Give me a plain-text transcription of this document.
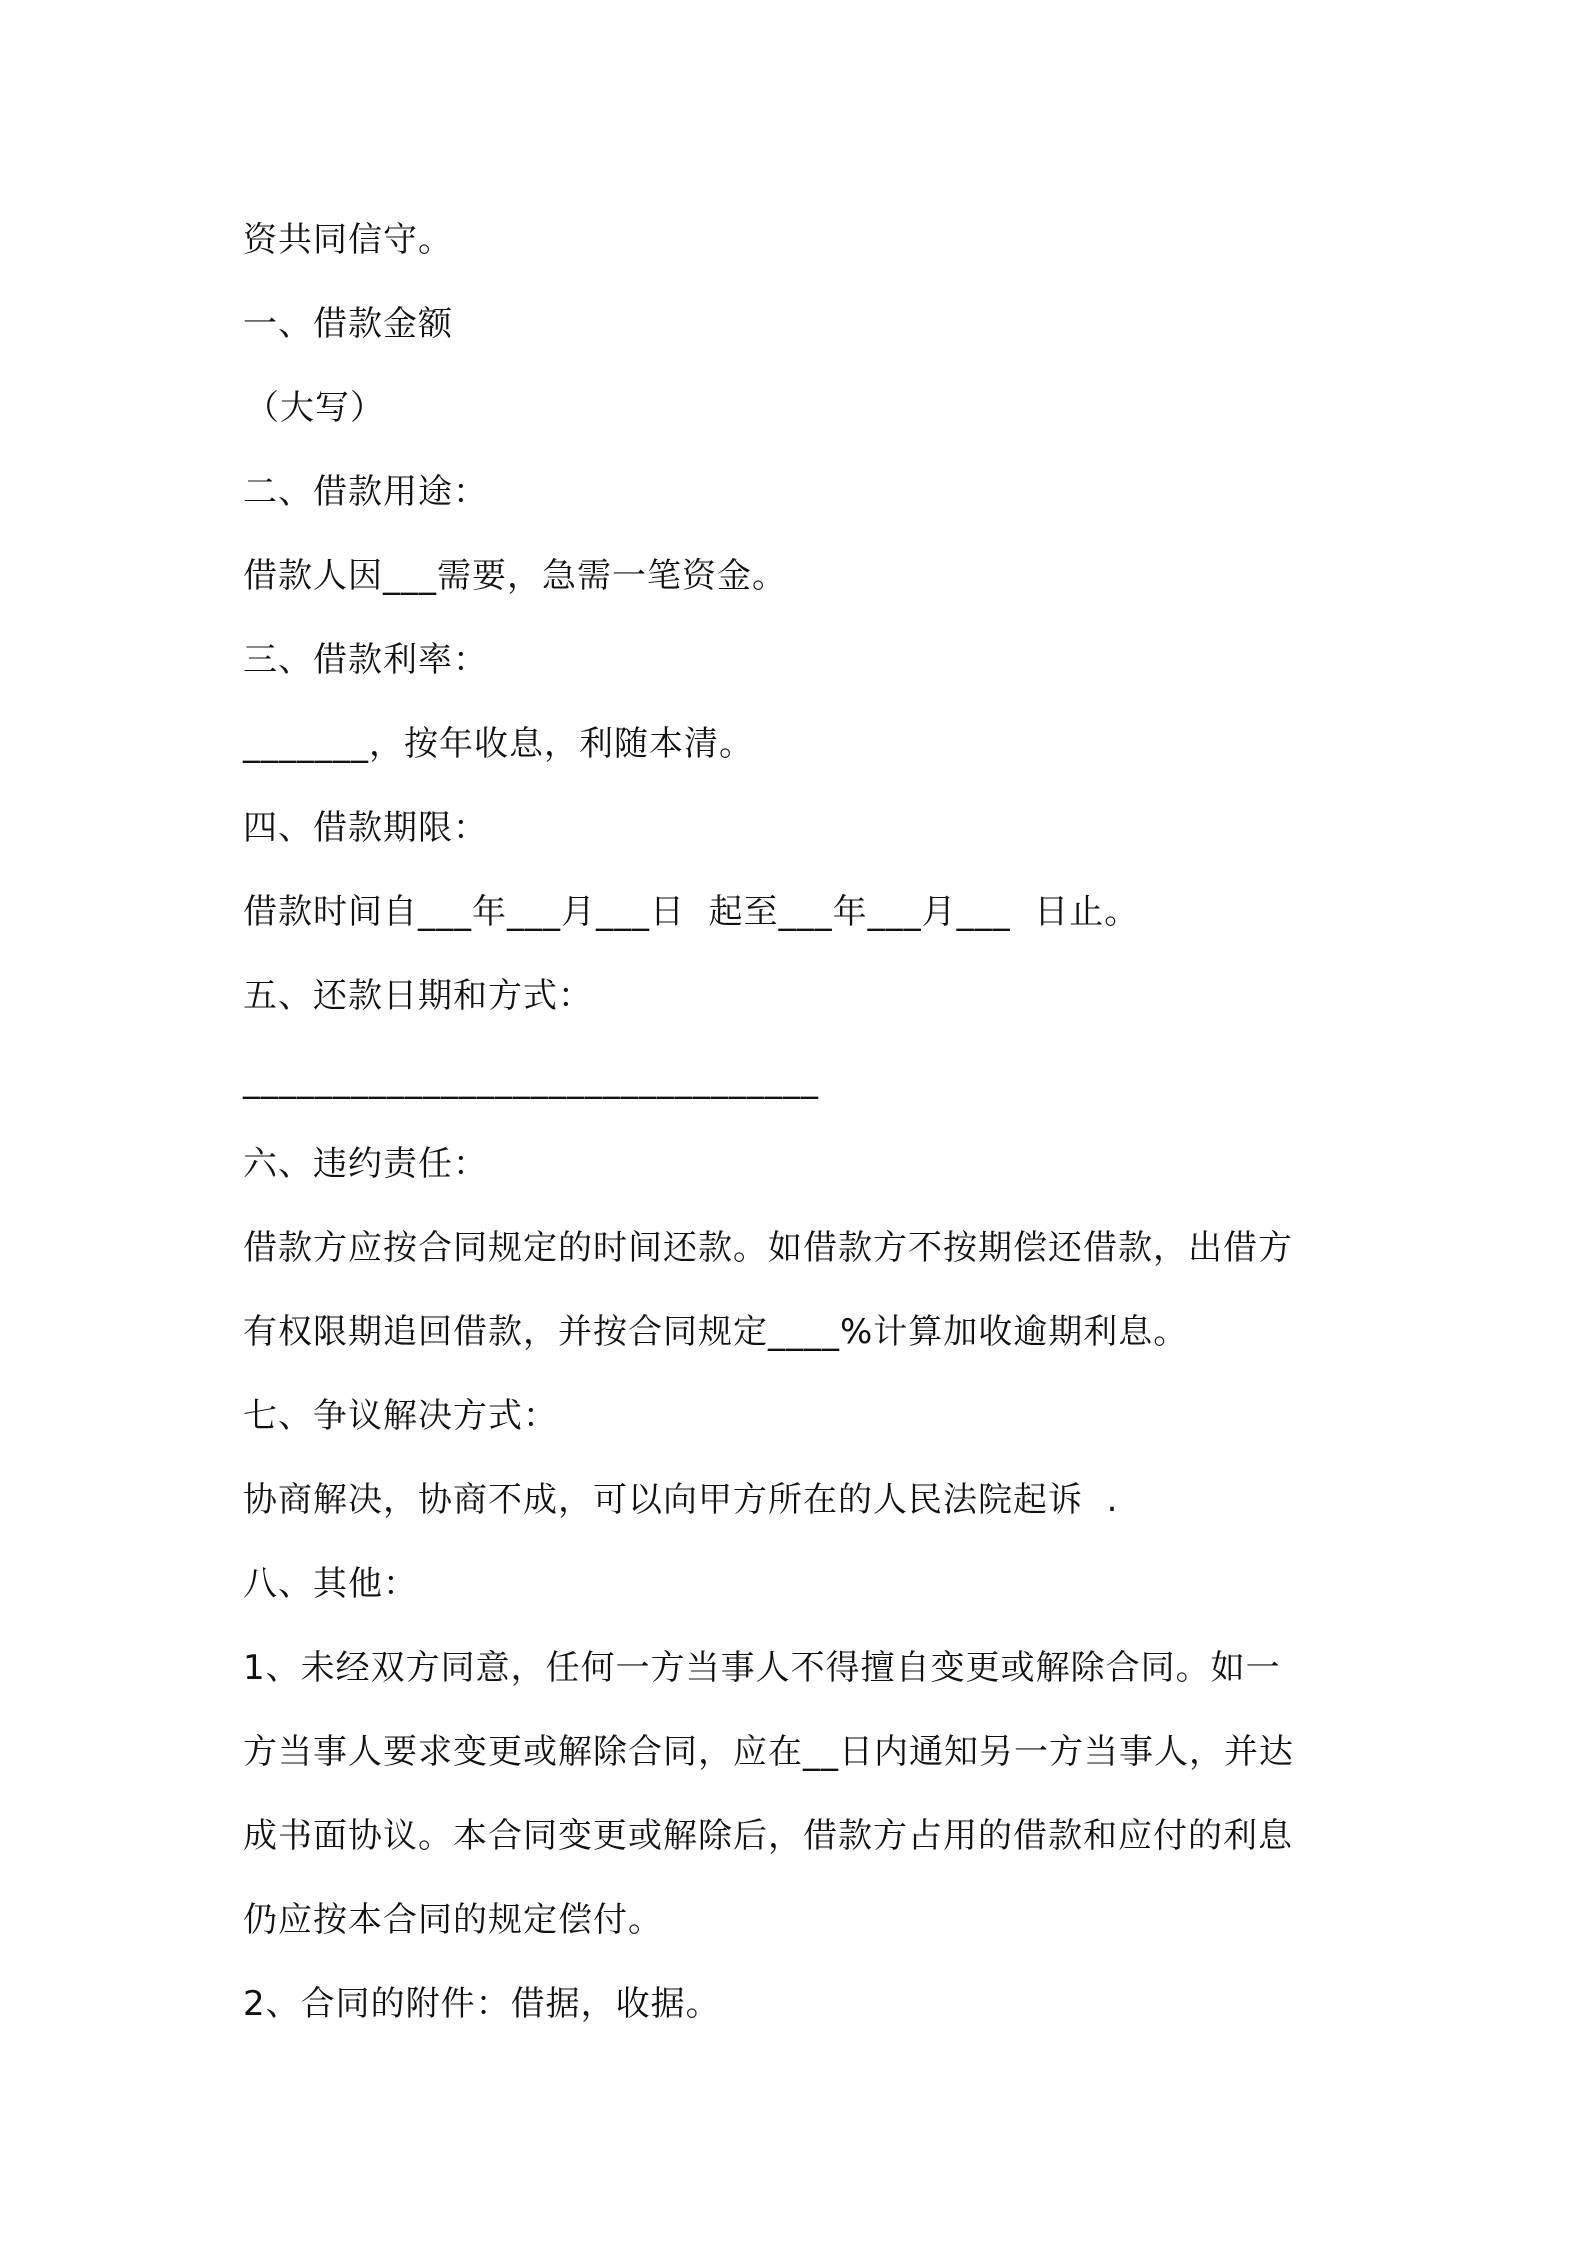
资共同信守。
一、借款金额
（大写）
二、借款用途：
借款人因___需要，急需一笔资金。
三、借款利率：
_______，按年收息，利随本清。
四、借款期限：
借款时间自___年___月___日  起至___年___月___  日止。
五、还款日期和方式：
________________________________
六、违约责任：
借款方应按合同规定的时间还款。如借款方不按期偿还借款，出借方
有权限期追回借款，并按合同规定____%计算加收逾期利息。
七、争议解决方式：
协商解决，协商不成，可以向甲方所在的人民法院起诉  .
八、其他：
1、未经双方同意，任何一方当事人不得擅自变更或解除合同。如一
方当事人要求变更或解除合同，应在__日内通知另一方当事人，并达
成书面协议。本合同变更或解除后，借款方占用的借款和应付的利息
仍应按本合同的规定偿付。
2、合同的附件：借据，收据。
